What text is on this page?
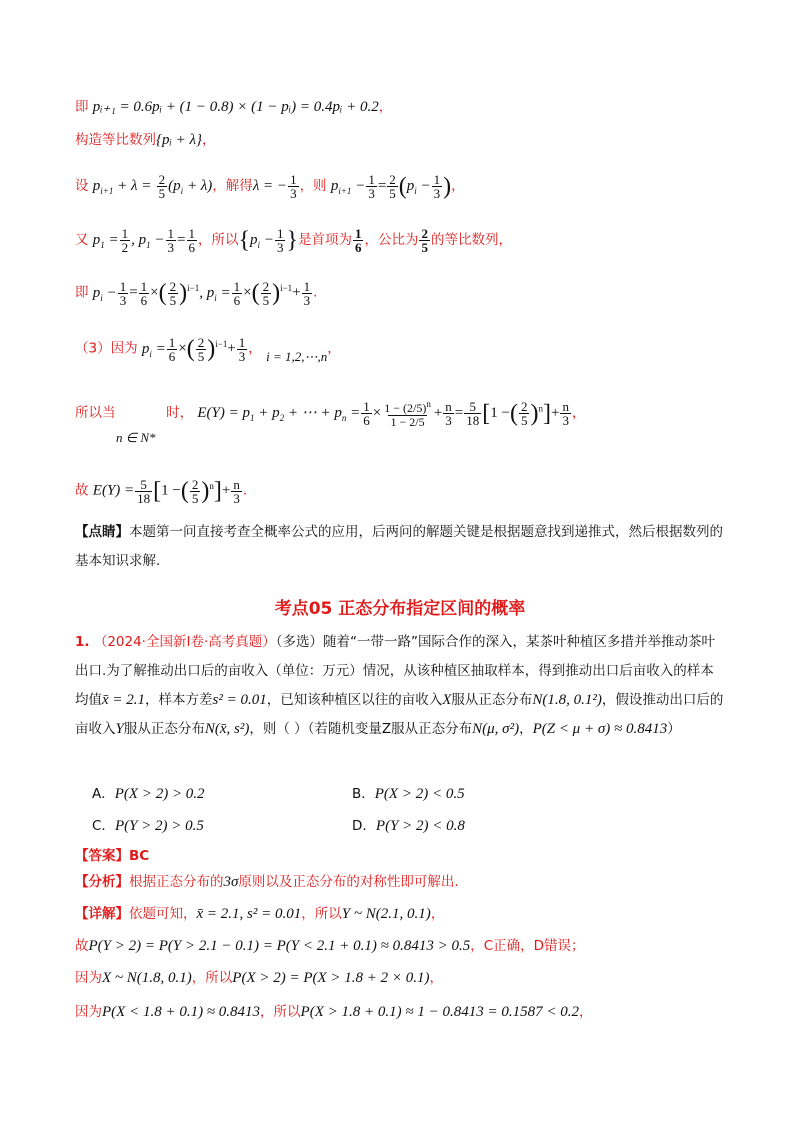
即 pᵢ₊₁ = 0.6pᵢ + (1 − 0.8) × (1 − pᵢ) = 0.4pᵢ + 0.2，
构造等比数列{pᵢ + λ}，
设 $p_{i+1} + \lambda = \frac{2}{5} (p_i + \lambda)$，解得λ = − $\frac{1}{3}$ ，则 $p_{i+1} - \frac{1}{3} = \frac{2}{5} (p_i - \frac{1}{3}$ )，
又 $p_1 = \frac{1}{2}$ , $p_1 - \frac{1}{3} = \frac{1}{6}$ ，所以{$p_i - \frac{1}{3}$ }是首项为 $\frac{1}{6}$ ，公比为 $\frac{2}{5}$ 的等比数列，
即 $p_i - \frac{1}{3} = \frac{1}{6}$ ×( $\frac{2}{5} )^{i-1}$, $p_i = \frac{1}{6}$ ×( $\frac{2}{5} )^{i-1}+ \frac{1}{3}$ .
（3）因为 $p_i = \frac{1}{6}$ ×( $\frac{2}{5} )^{i-1}+ \frac{1}{3}$ ， i = 1,2,⋯,n，
所以当	时， $E(Y) = p_1 + p_2$ + ⋯ + $p_n = \frac{1}{6} \times \frac{1 - (2/5)^n}{1 - 2/5} + \frac{n}{3} = \frac{5}{18} [1$ −( $\frac{2}{5} )^n]+ \frac{n}{3}$ ，
n ∈ N*
故 $E(Y) = \frac{5}{18} [1$ −( $\frac{2}{5} )^n]+ \frac{n}{3}$ .
【点睛】本题第一问直接考查全概率公式的应用，后两问的解题关键是根据题意找到递推式，然后根据数列的基本知识求解.
考点05 正态分布指定区间的概率
1. （2024·全国新Ⅰ卷·高考真题）（多选）随着“一带一路”国际合作的深入，某茶叶种植区多措并举推动茶叶出口.为了解推动出口后的亩收入（单位：万元）情况，从该种植区抽取样本，得到推动出口后亩收入的样本均值x̄ = 2.1，样本方差s² = 0.01，已知该种植区以往的亩收入X服从正态分布N(1.8, 0.1²)，假设推动出口后的亩收入Y服从正态分布N(x̄, s²)，则（ ）（若随机变量Z服从正态分布N(μ, σ²)，P(Z < μ + σ) ≈ 0.8413）
A．P(X > 2) > 0.2	B．P(X > 2) < 0.5
C．P(Y > 2) > 0.5	D．P(Y > 2) < 0.8
【答案】BC
【分析】根据正态分布的3σ原则以及正态分布的对称性即可解出.
【详解】依题可知，x̄ = 2.1, s² = 0.01，所以Y ~ N(2.1, 0.1)，
故P(Y > 2) = P(Y > 2.1 − 0.1) = P(Y < 2.1 + 0.1) ≈ 0.8413 > 0.5，C正确，D错误；
因为X ~ N(1.8, 0.1)，所以P(X > 2) = P(X > 1.8 + 2 × 0.1)，
因为P(X < 1.8 + 0.1) ≈ 0.8413，所以P(X > 1.8 + 0.1) ≈ 1 − 0.8413 = 0.1587 < 0.2，
